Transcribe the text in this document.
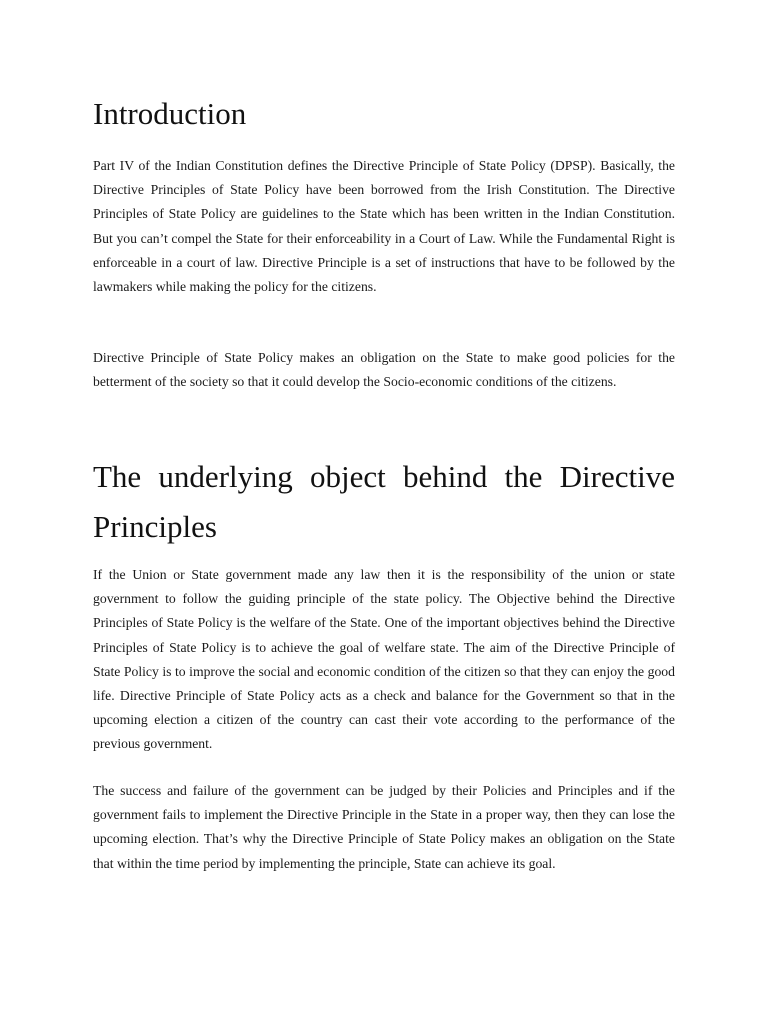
Introduction

Part IV of the Indian Constitution defines the Directive Principle of State Policy (DPSP). Basically, the Directive Principles of State Policy have been borrowed from the Irish Constitution. The Directive Principles of State Policy are guidelines to the State which has been written in the Indian Constitution. But you can’t compel the State for their enforceability in a Court of Law. While the Fundamental Right is enforceable in a court of law. Directive Principle is a set of instructions that have to be followed by the lawmakers while making the policy for the citizens.

Directive Principle of State Policy makes an obligation on the State to make good policies for the betterment of the society so that it could develop the Socio-economic conditions of the citizens.

The underlying object behind the Directive Principles

If the Union or State government made any law then it is the responsibility of the union or state government to follow the guiding principle of the state policy. The Objective behind the Directive Principles of State Policy is the welfare of the State. One of the important objectives behind the Directive Principles of State Policy is to achieve the goal of welfare state. The aim of the Directive Principle of State Policy is to improve the social and economic condition of the citizen so that they can enjoy the good life. Directive Principle of State Policy acts as a check and balance for the Government so that in the upcoming election a citizen of the country can cast their vote according to the performance of the previous government.

The success and failure of the government can be judged by their Policies and Principles and if the government fails to implement the Directive Principle in the State in a proper way, then they can lose the upcoming election. That’s why the Directive Principle of State Policy makes an obligation on the State that within the time period by implementing the principle, State can achieve its goal.
